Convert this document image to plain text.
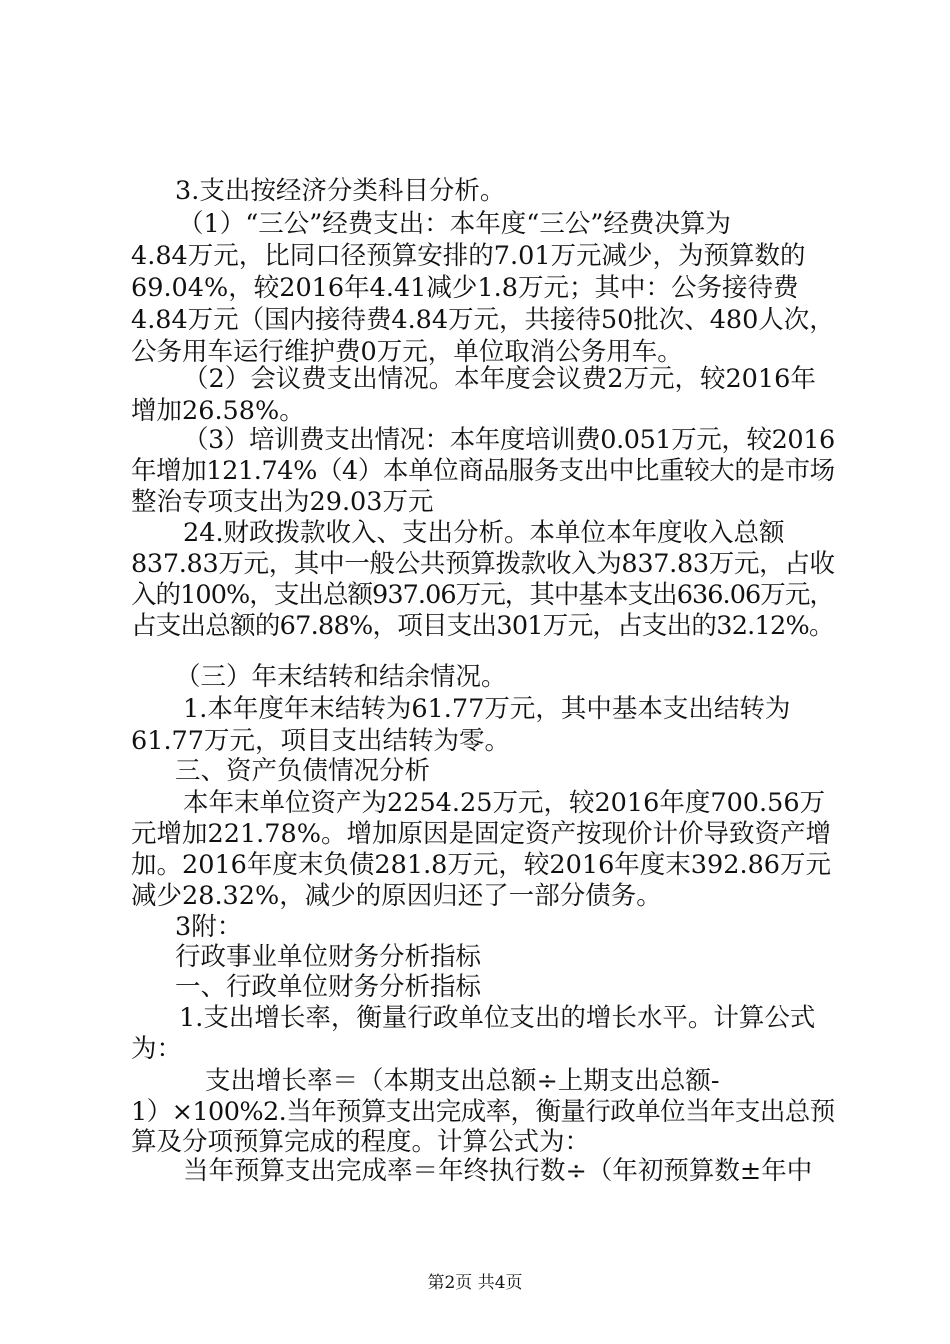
3.支出按经济分类科目分析。
（1）“三公”经费支出：本年度“三公”经费决算为
4.84万元，比同口径预算安排的7.01万元减少，为预算数的
69.04%，较2016年4.41减少1.8万元；其中：公务接待费
4.84万元（国内接待费4.84万元，共接待50批次、480人次，
公务用车运行维护费0万元，单位取消公务用车。
（2）会议费支出情况。本年度会议费2万元，较2016年
增加26.58%。
（3）培训费支出情况：本年度培训费0.051万元，较2016
年增加121.74%（4）本单位商品服务支出中比重较大的是市场
整治专项支出为29.03万元
24.财政拨款收入、支出分析。本单位本年度收入总额
837.83万元，其中一般公共预算拨款收入为837.83万元，占收
入的100%，支出总额937.06万元，其中基本支出636.06万元，
占支出总额的67.88%，项目支出301万元，占支出的32.12%。
（三）年末结转和结余情况。
1.本年度年末结转为61.77万元，其中基本支出结转为
61.77万元，项目支出结转为零。
三、资产负债情况分析
本年末单位资产为2254.25万元，较2016年度700.56万
元增加221.78%。增加原因是固定资产按现价计价导致资产增
加。2016年度末负债281.8万元，较2016年度末392.86万元
减少28.32%，减少的原因归还了一部分债务。
3附：
行政事业单位财务分析指标
一、行政单位财务分析指标
1.支出增长率，衡量行政单位支出的增长水平。计算公式
为：
支出增长率＝（本期支出总额÷上期支出总额-
1）×100%2.当年预算支出完成率，衡量行政单位当年支出总预
算及分项预算完成的程度。计算公式为：
当年预算支出完成率＝年终执行数÷（年初预算数±年中
第2页 共4页
